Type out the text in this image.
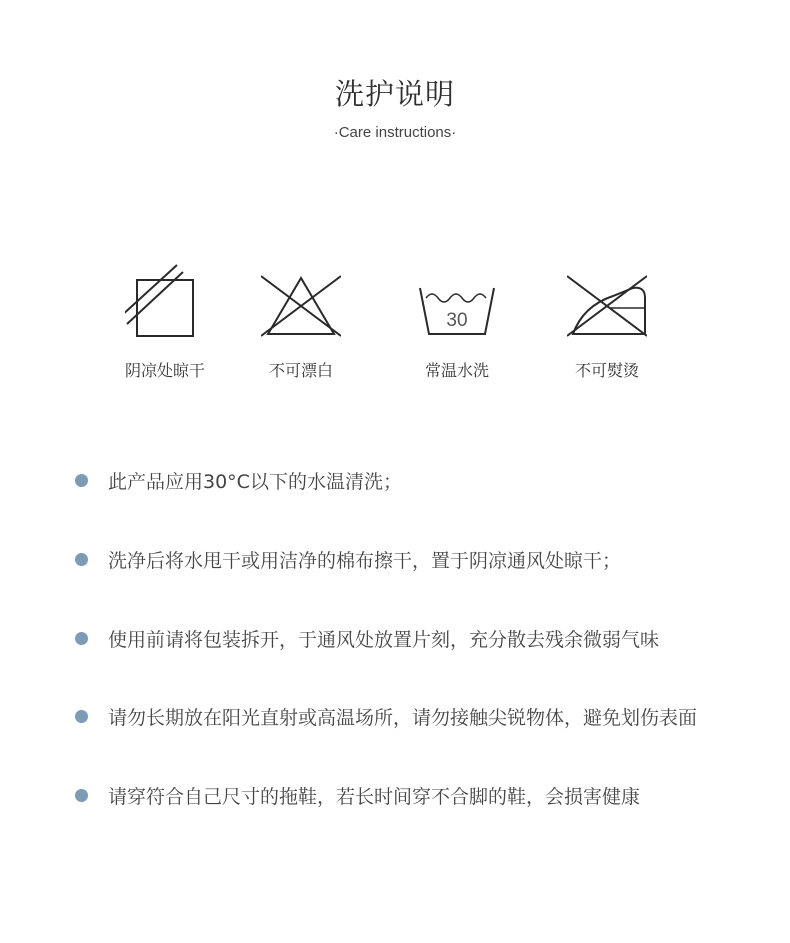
洗护说明
·Care instructions·
阴凉处晾干	不可漂白
30
常温水洗	不可熨烫
此产品应用30°C以下的水温清洗；
洗净后将水甩干或用洁净的棉布擦干，置于阴凉通风处晾干；
使用前请将包装拆开，于通风处放置片刻，充分散去残余微弱气味
请勿长期放在阳光直射或高温场所，请勿接触尖锐物体，避免划伤表面
请穿符合自己尺寸的拖鞋，若长时间穿不合脚的鞋，会损害健康
